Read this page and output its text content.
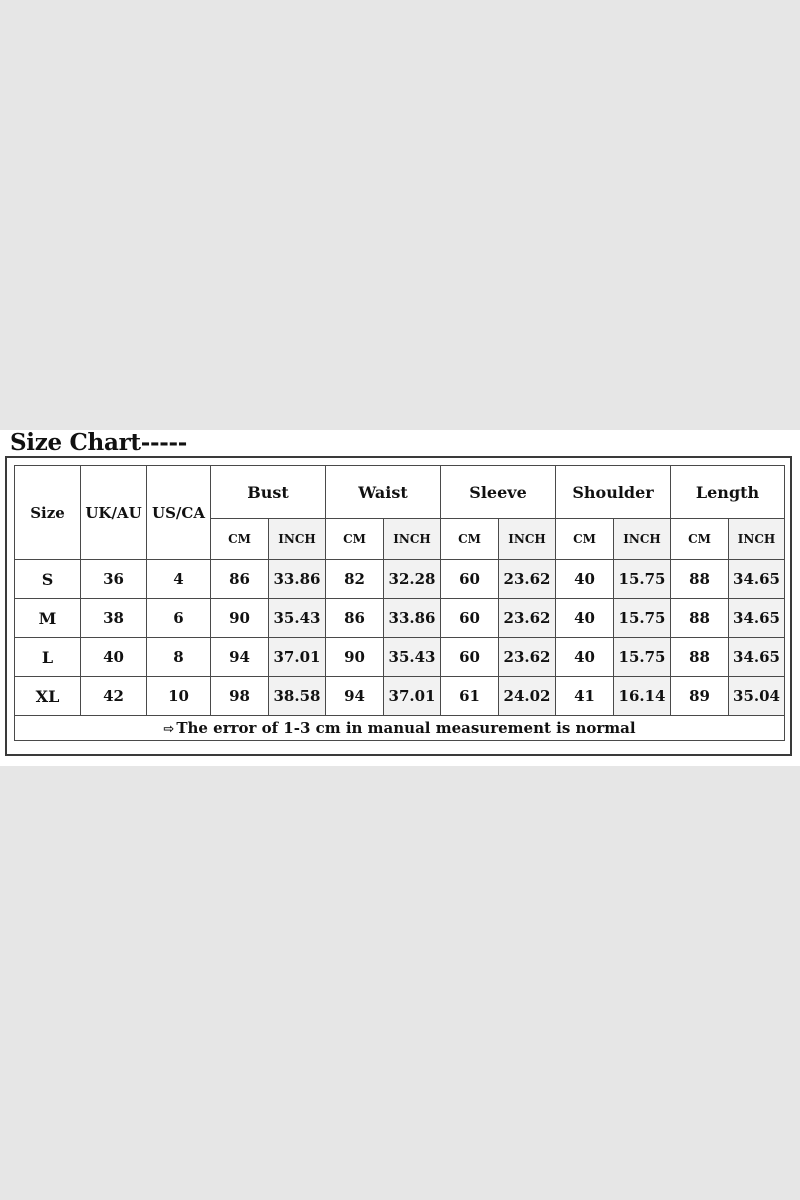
Size Chart-----
Size	UK/AU	US/CA	Bust		Waist		Sleeve		Shoulder		Length	
			CM	INCH	CM	INCH	CM	INCH	CM	INCH	CM	INCH
S	36	4	86	33.86	82	32.28	60	23.62	40	15.75	88	34.65
M	38	6	90	35.43	86	33.86	60	23.62	40	15.75	88	34.65
L	40	8	94	37.01	90	35.43	60	23.62	40	15.75	88	34.65
XL	42	10	98	38.58	94	37.01	61	24.02	41	16.14	89	35.04
⇨ The error of 1-3 cm in manual measurement is normal												
